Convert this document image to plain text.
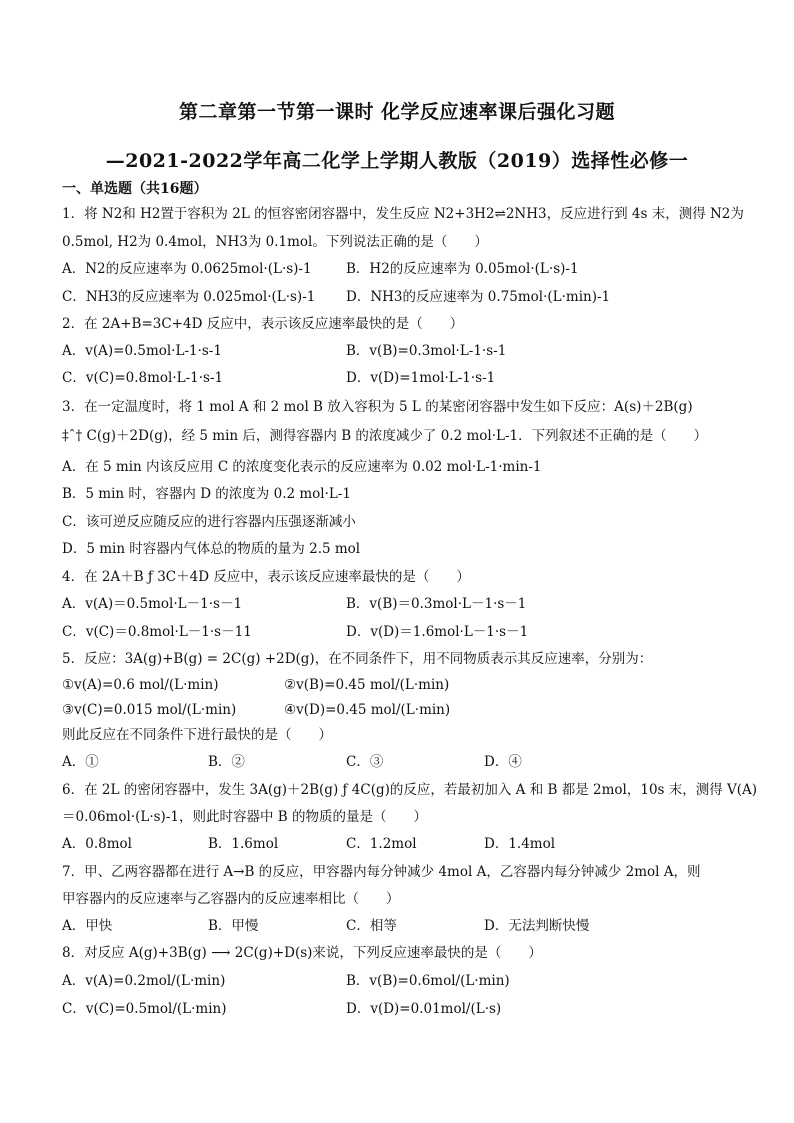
第二章第一节第一课时 化学反应速率课后强化习题
—2021-2022学年高二化学上学期人教版（2019）选择性必修一
一、单选题（共16题）
1．将 N2和 H2置于容积为 2L 的恒容密闭容器中，发生反应 N2+3H2⇌2NH3，反应进行到 4s 末，测得 N2为
0.5mol, H2为 0.4mol，NH3为 0.1mol。下列说法正确的是（　　）
A．N2的反应速率为 0.0625mol·(L·s)-1	B．H2的反应速率为 0.05mol·(L·s)-1
C．NH3的反应速率为 0.025mol·(L·s)-1 D．NH3的反应速率为 0.75mol·(L·min)-1
2．在 2A+B=3C+4D 反应中，表示该反应速率最快的是（　　）
A．v(A)=0.5mol·L-1·s-1	B．v(B)=0.3mol·L-1·s-1
C．v(C)=0.8mol·L-1·s-1	D．v(D)=1mol·L-1·s-1
3．在一定温度时，将 1 mol A 和 2 mol B 放入容积为 5 L 的某密闭容器中发生如下反应：A(s)＋2B(g)
‡ˆ† C(g)＋2D(g)，经 5 min 后，测得容器内 B 的浓度减少了 0.2 mol·L-1．下列叙述不正确的是（　　）
A．在 5 min 内该反应用 C 的浓度变化表示的反应速率为 0.02 mol·L-1·min-1
B．5 min 时，容器内 D 的浓度为 0.2 mol·L-1
C．该可逆反应随反应的进行容器内压强逐渐减小
D．5 min 时容器内气体总的物质的量为 2.5 mol
4．在 2A＋B ƒ 3C＋4D 反应中，表示该反应速率最快的是（　　）
A．v(A)＝0.5mol·L－1·s－1	B．v(B)＝0.3mol·L－1·s－1
C．v(C)＝0.8mol·L－1·s－11	D．v(D)＝1.6mol·L－1·s－1
5．反应：3A(g)+B(g) = 2C(g) +2D(g)，在不同条件下，用不同物质表示其反应速率，分别为：
①v(A)=0.6 mol/(L·min)	②v(B)=0.45 mol/(L·min)
③v(C)=0.015 mol/(L·min)	④v(D)=0.45 mol/(L·min)
则此反应在不同条件下进行最快的是（　　）
A．①	B．②	C．③	D．④
6．在 2L 的密闭容器中，发生 3A(g)＋2B(g) ƒ 4C(g)的反应，若最初加入 A 和 B 都是 2mol，10s 末，测得 V(A)
＝0.06mol·(L·s)-1，则此时容器中 B 的物质的量是（　　）
A．0.8mol	B．1.6mol	C．1.2mol	D．1.4mol
7．甲、乙两容器都在进行 A→B 的反应，甲容器内每分钟减少 4mol A，乙容器内每分钟减少 2mol A，则
甲容器内的反应速率与乙容器内的反应速率相比（　　）
A．甲快	B．甲慢	C．相等	D．无法判断快慢
8．对反应 A(g)+3B(g) ⟶ 2C(g)+D(s)来说，下列反应速率最快的是（　　）
A．v(A)=0.2mol/(L·min)	B．v(B)=0.6mol/(L·min)
C．v(C)=0.5mol/(L·min)	D．v(D)=0.01mol/(L·s)
